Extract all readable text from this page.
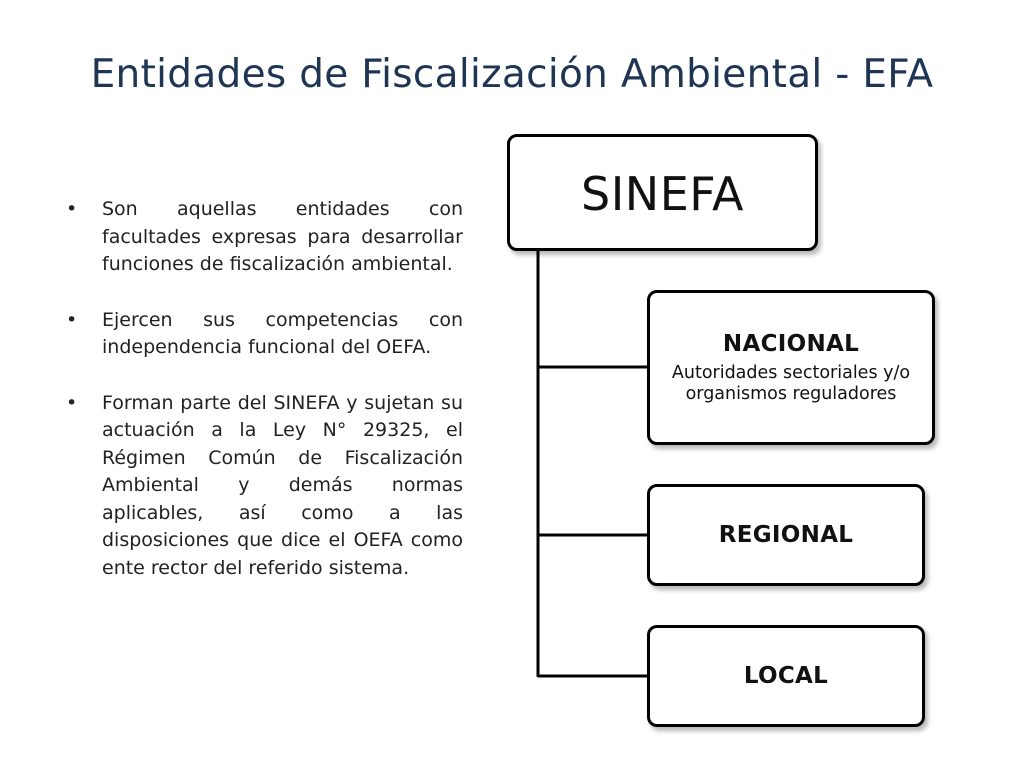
Entidades de Fiscalización Ambiental - EFA
• Son aquellas entidades con facultades expresas para desarrollar funciones de fiscalización ambiental.
• Ejercen sus competencias con independencia funcional del OEFA.
• Forman parte del SINEFA y sujetan su actuación a la Ley N° 29325, el Régimen Común de Fiscalización Ambiental y demás normas aplicables, así como a las disposiciones que dice el OEFA como ente rector del referido sistema.
SINEFA
NACIONAL
Autoridades sectoriales y/o organismos reguladores
REGIONAL
LOCAL
